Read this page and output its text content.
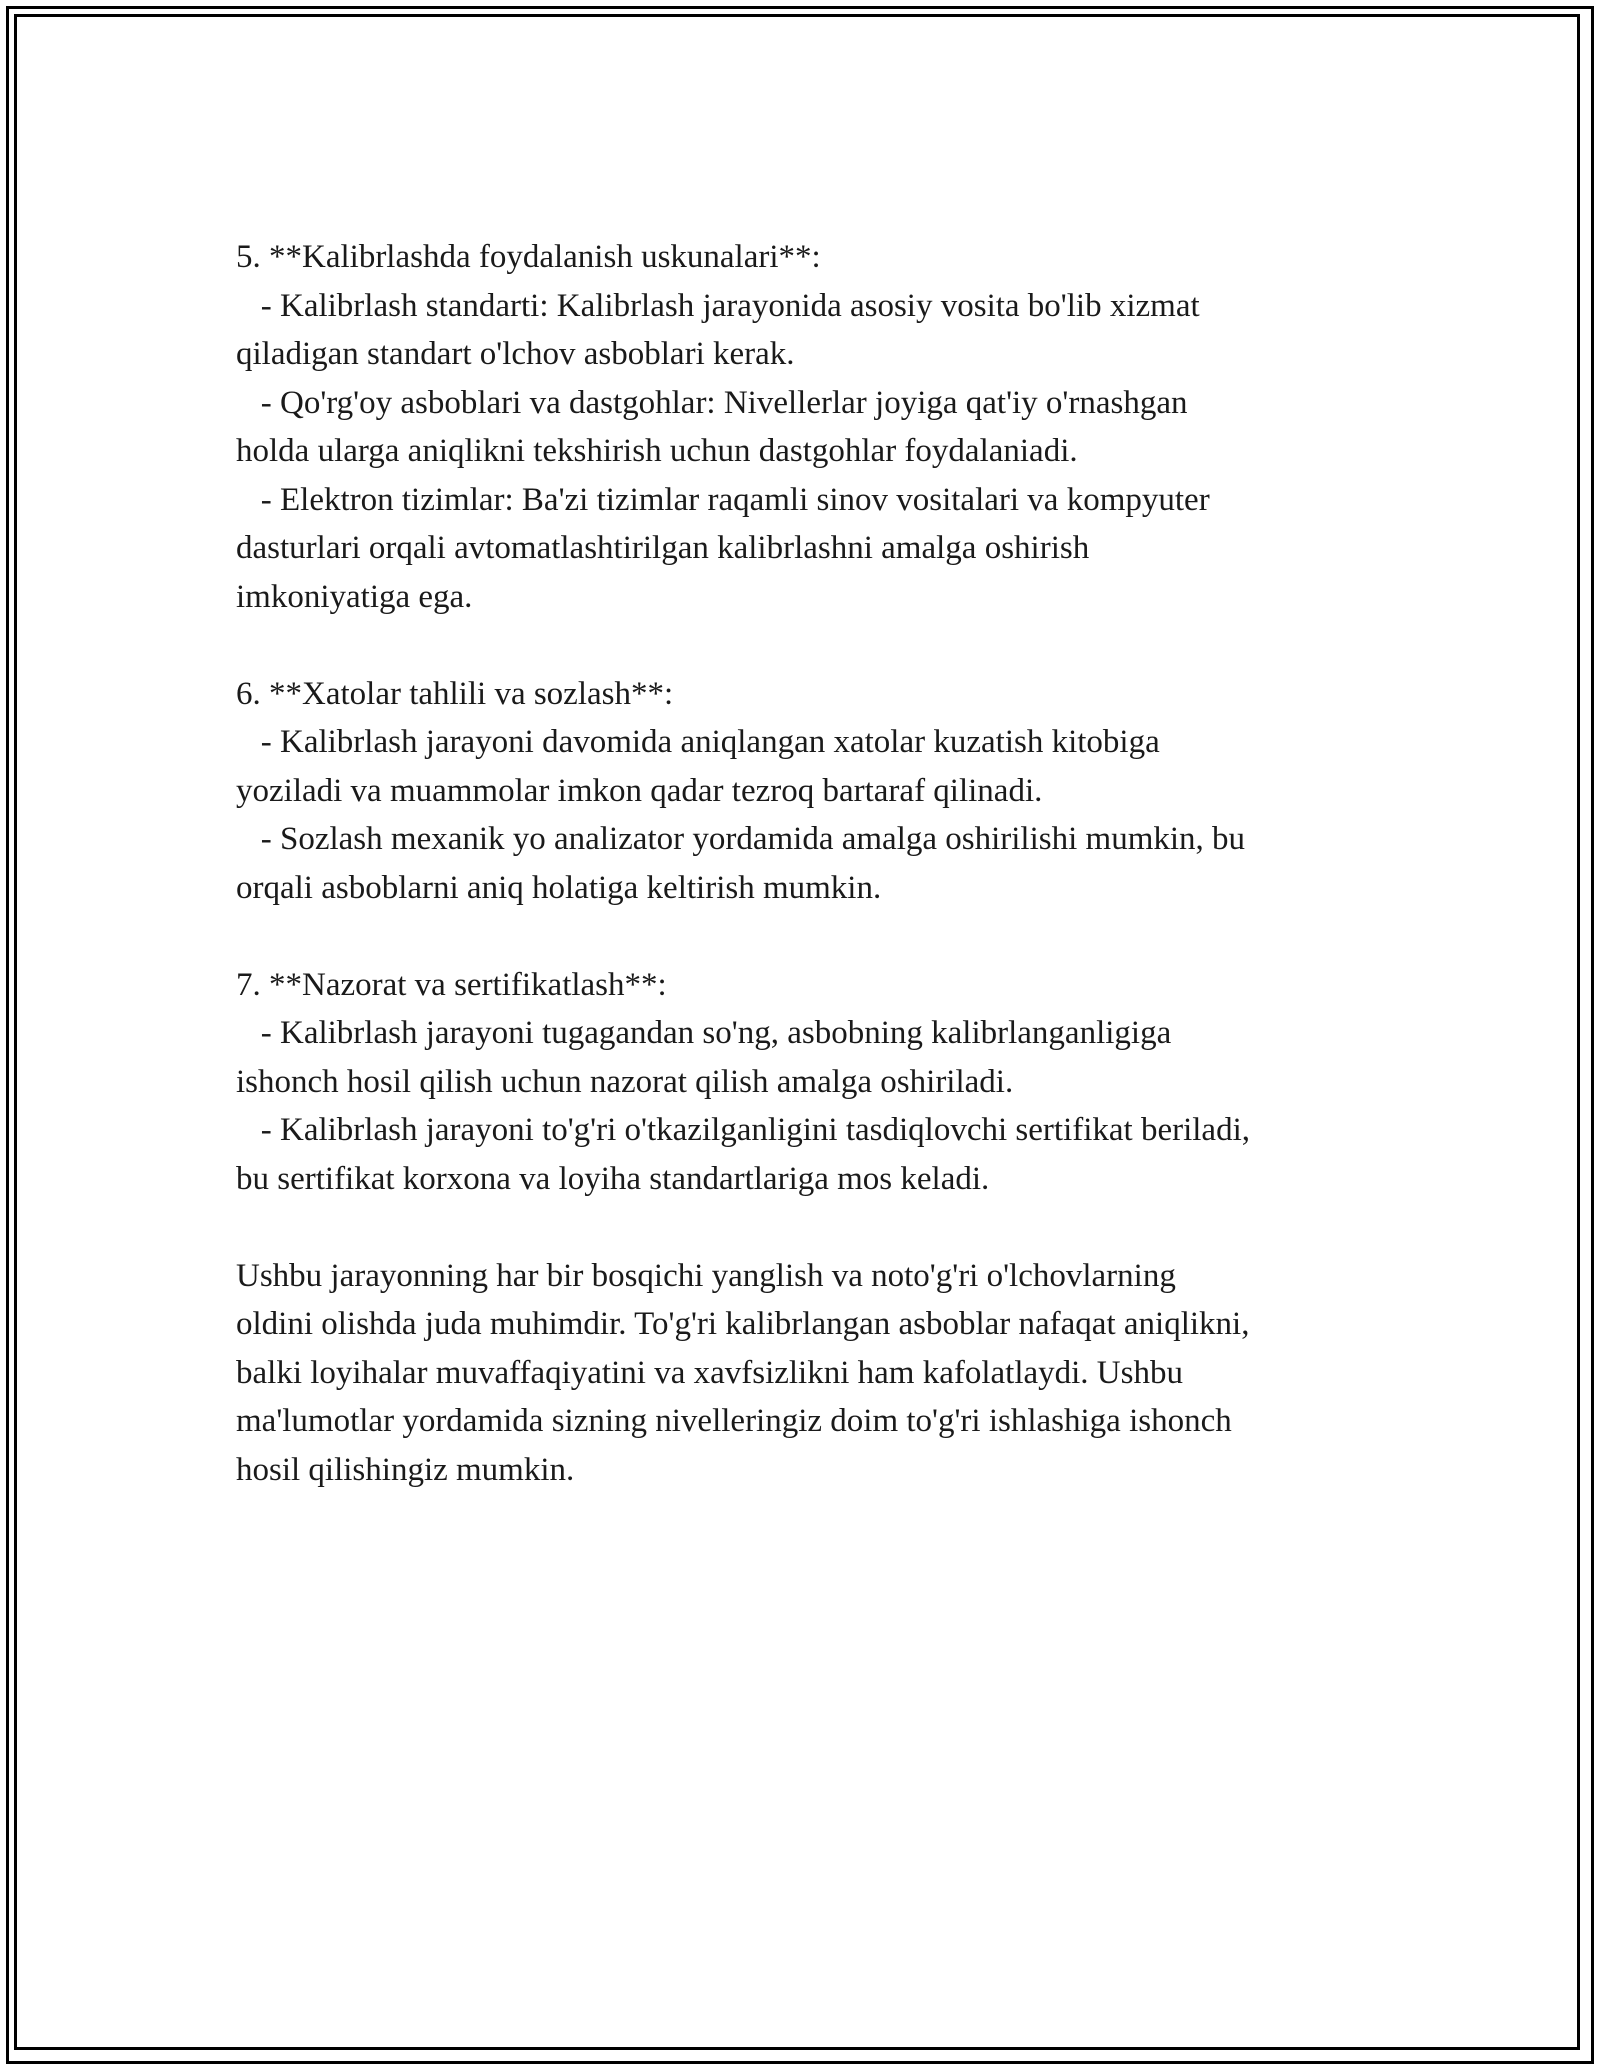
5. **Kalibrlashda foydalanish uskunalari**:
- Kalibrlash standarti: Kalibrlash jarayonida asosiy vosita bo'lib xizmat
qiladigan standart o'lchov asboblari kerak.
- Qo'rg'oy asboblari va dastgohlar: Nivellerlar joyiga qat'iy o'rnashgan
holda ularga aniqlikni tekshirish uchun dastgohlar foydalaniadi.
- Elektron tizimlar: Ba'zi tizimlar raqamli sinov vositalari va kompyuter
dasturlari orqali avtomatlashtirilgan kalibrlashni amalga oshirish
imkoniyatiga ega.
6. **Xatolar tahlili va sozlash**:
- Kalibrlash jarayoni davomida aniqlangan xatolar kuzatish kitobiga
yoziladi va muammolar imkon qadar tezroq bartaraf qilinadi.
- Sozlash mexanik yo analizator yordamida amalga oshirilishi mumkin, bu
orqali asboblarni aniq holatiga keltirish mumkin.
7. **Nazorat va sertifikatlash**:
- Kalibrlash jarayoni tugagandan so'ng, asbobning kalibrlanganligiga
ishonch hosil qilish uchun nazorat qilish amalga oshiriladi.
- Kalibrlash jarayoni to'g'ri o'tkazilganligini tasdiqlovchi sertifikat beriladi,
bu sertifikat korxona va loyiha standartlariga mos keladi.
Ushbu jarayonning har bir bosqichi yanglish va noto'g'ri o'lchovlarning
oldini olishda juda muhimdir. To'g'ri kalibrlangan asboblar nafaqat aniqlikni,
balki loyihalar muvaffaqiyatini va xavfsizlikni ham kafolatlaydi. Ushbu
ma'lumotlar yordamida sizning nivelleringiz doim to'g'ri ishlashiga ishonch
hosil qilishingiz mumkin.
